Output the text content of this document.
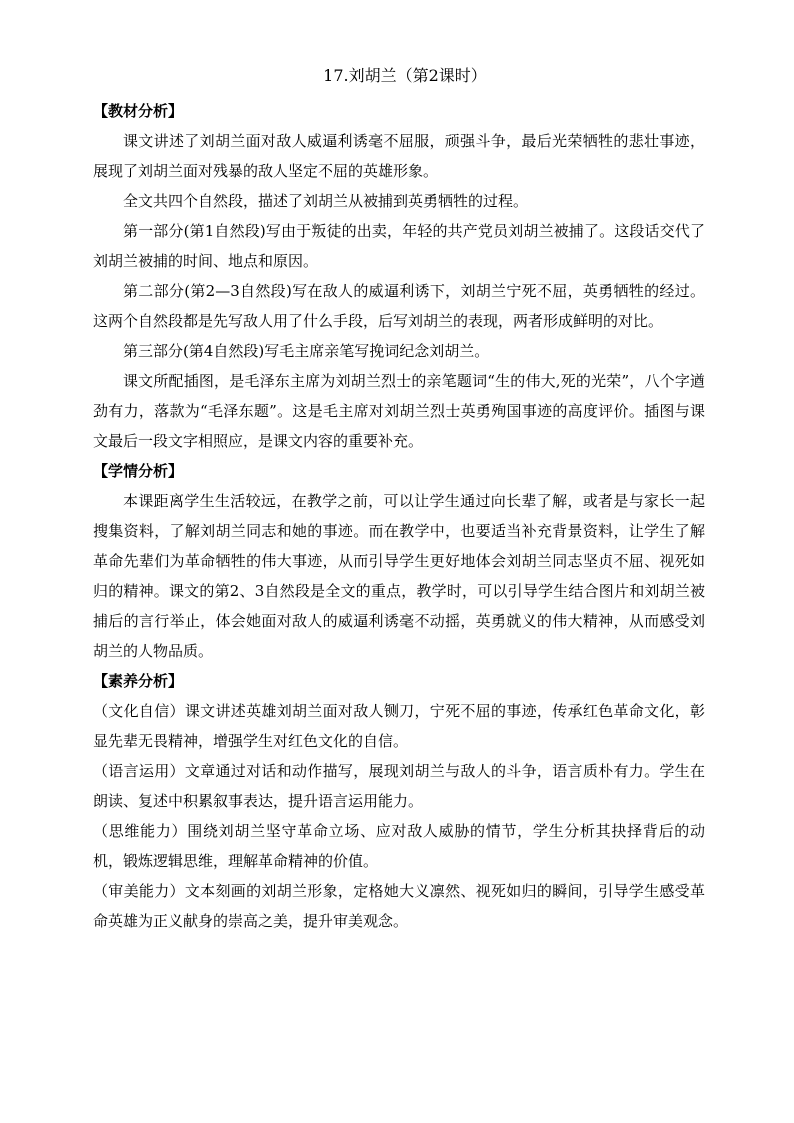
17.刘胡兰（第2课时）

【教材分析】

课文讲述了刘胡兰面对敌人威逼利诱毫不屈服，顽强斗争，最后光荣牺牲的悲壮事迹，展现了刘胡兰面对残暴的敌人坚定不屈的英雄形象。

全文共四个自然段，描述了刘胡兰从被捕到英勇牺牲的过程。

第一部分(第1自然段)写由于叛徒的出卖，年轻的共产党员刘胡兰被捕了。这段话交代了刘胡兰被捕的时间、地点和原因。

第二部分(第2—3自然段)写在敌人的威逼利诱下，刘胡兰宁死不屈，英勇牺牲的经过。这两个自然段都是先写敌人用了什么手段，后写刘胡兰的表现，两者形成鲜明的对比。

第三部分(第4自然段)写毛主席亲笔写挽词纪念刘胡兰。

课文所配插图，是毛泽东主席为刘胡兰烈士的亲笔题词“生的伟大,死的光荣”，八个字遒劲有力，落款为“毛泽东题”。这是毛主席对刘胡兰烈士英勇殉国事迹的高度评价。插图与课文最后一段文字相照应，是课文内容的重要补充。

【学情分析】

本课距离学生生活较远，在教学之前，可以让学生通过向长辈了解，或者是与家长一起搜集资料，了解刘胡兰同志和她的事迹。而在教学中，也要适当补充背景资料，让学生了解革命先辈们为革命牺牲的伟大事迹，从而引导学生更好地体会刘胡兰同志坚贞不屈、视死如归的精神。课文的第2、3自然段是全文的重点，教学时，可以引导学生结合图片和刘胡兰被捕后的言行举止，体会她面对敌人的威逼利诱毫不动摇，英勇就义的伟大精神，从而感受刘胡兰的人物品质。

【素养分析】

（文化自信）课文讲述英雄刘胡兰面对敌人铡刀，宁死不屈的事迹，传承红色革命文化，彰显先辈无畏精神，增强学生对红色文化的自信。

（语言运用）文章通过对话和动作描写，展现刘胡兰与敌人的斗争，语言质朴有力。学生在朗读、复述中积累叙事表达，提升语言运用能力。

（思维能力）围绕刘胡兰坚守革命立场、应对敌人威胁的情节，学生分析其抉择背后的动机，锻炼逻辑思维，理解革命精神的价值。

（审美能力）文本刻画的刘胡兰形象，定格她大义凛然、视死如归的瞬间，引导学生感受革命英雄为正义献身的崇高之美，提升审美观念。
